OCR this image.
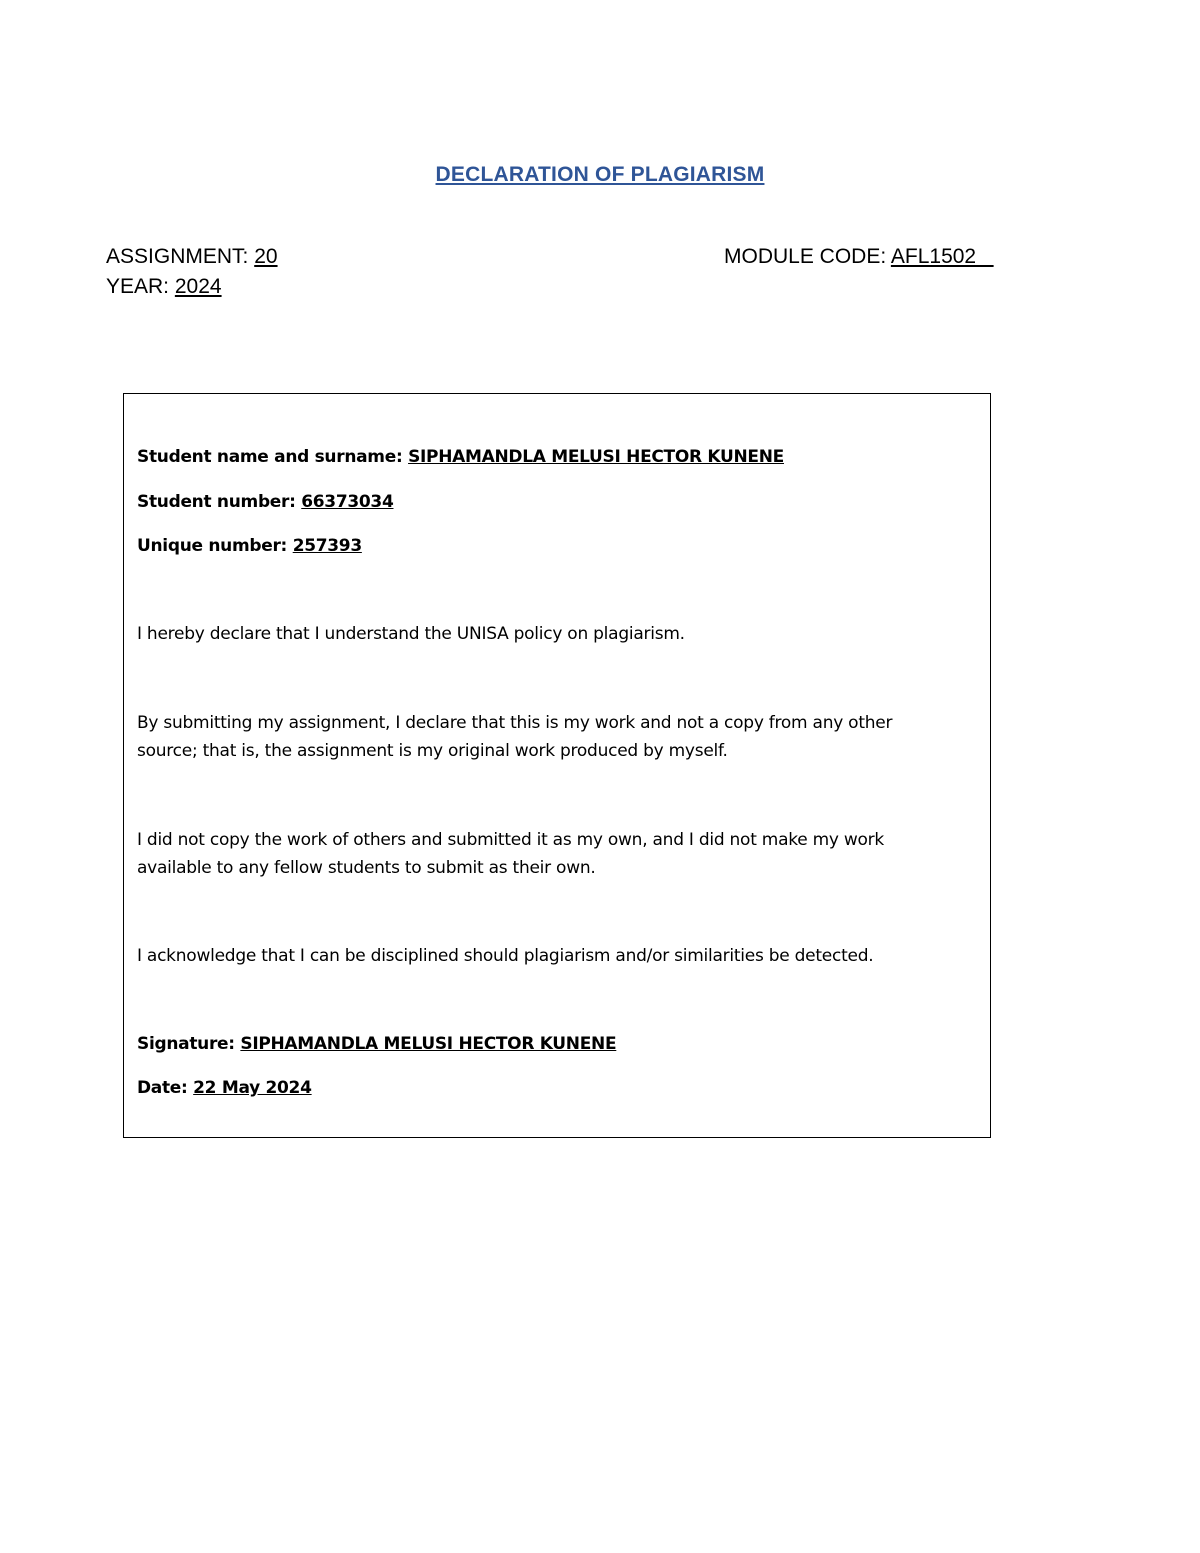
DECLARATION OF PLAGIARISM
ASSIGNMENT: 20
YEAR: 2024
MODULE CODE: AFL1502
Student name and surname: SIPHAMANDLA MELUSI HECTOR KUNENE
Student number: 66373034
Unique number: 257393
I hereby declare that I understand the UNISA policy on plagiarism.
By submitting my assignment, I declare that this is my work and not a copy from any other source; that is, the assignment is my original work produced by myself.
I did not copy the work of others and submitted it as my own, and I did not make my work available to any fellow students to submit as their own.
I acknowledge that I can be disciplined should plagiarism and/or similarities be detected.
Signature: SIPHAMANDLA MELUSI HECTOR KUNENE
Date: 22 May 2024
